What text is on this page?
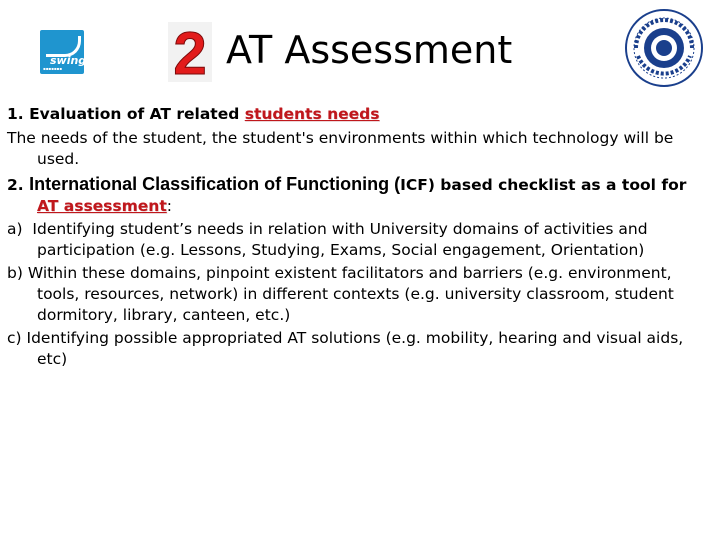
swing
▪▪▪▪▪▪▪ 2 AT Assessment

1. Evaluation of AT related students needs

The needs of the student, the student's environments within which technology will be used.

2. International Classification of Functioning (ICF) based checklist as a tool for AT assessment:

a) Identifying student’s needs in relation with University domains of activities and participation (e.g. Lessons, Studying, Exams, Social engagement, Orientation)

b) Within these domains, pinpoint existent facilitators and barriers (e.g. environment, tools, resources, network) in different contexts (e.g. university classroom, student dormitory, library, canteen, etc.)

c) Identifying possible appropriated AT solutions (e.g. mobility, hearing and visual aids, etc)
